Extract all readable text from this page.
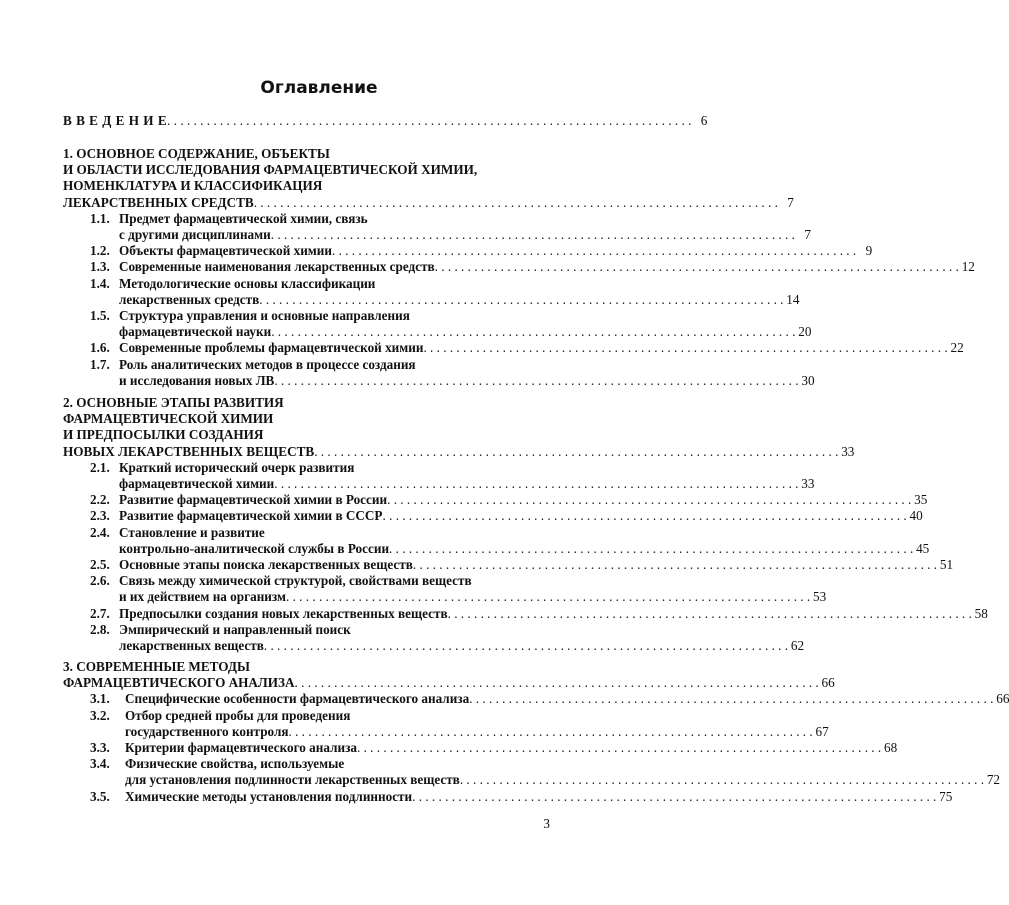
Оглавление
В В Е Д Е Н И Е . . . . . . . . . . . . . . . . . . . . . . . . . . . . . . . . . . . . . . . . . . . . . . . . . . . . . . . . . . . . . . . . . . . . . . . . . . . . . . . . 6
1. ОСНОВНОЕ СОДЕРЖАНИЕ, ОБЪЕКТЫ
И ОБЛАСТИ ИССЛЕДОВАНИЯ ФАРМАЦЕВТИЧЕСКОЙ ХИМИИ,
НОМЕНКЛАТУРА И КЛАССИФИКАЦИЯ
ЛЕКАРСТВЕННЫХ СРЕДСТВ . . . . . . . . . . . . . . . . . . . . . . . . . . . . . . . . . . . . . . . . . . . . . . . . . . . . . . . . . . . . . . . . . . . . . . . . . . . . . . . . 7
1.1. Предмет фармацевтической химии, связь
с другими дисциплинами . . . . . . . . . . . . . . . . . . . . . . . . . . . . . . . . . . . . . . . . . . . . . . . . . . . . . . . . . . . . . . . . . . . . . . . . . . . . . . . . 7
1.2. Объекты фармацевтической химии . . . . . . . . . . . . . . . . . . . . . . . . . . . . . . . . . . . . . . . . . . . . . . . . . . . . . . . . . . . . . . . . . . . . . . . . . . . . . . . . 9
1.3. Современные наименования лекарственных средств . . . . . . . . . . . . . . . . . . . . . . . . . . . . . . . . . . . . . . . . . . . . . . . . . . . . . . . . . . . . . . . . . . . . . . . . . . . . . . . . 12
1.4. Методологические основы классификации
лекарственных средств . . . . . . . . . . . . . . . . . . . . . . . . . . . . . . . . . . . . . . . . . . . . . . . . . . . . . . . . . . . . . . . . . . . . . . . . . . . . . . . . 14
1.5. Структура управления и основные направления
фармацевтической науки . . . . . . . . . . . . . . . . . . . . . . . . . . . . . . . . . . . . . . . . . . . . . . . . . . . . . . . . . . . . . . . . . . . . . . . . . . . . . . . . 20
1.6. Современные проблемы фармацевтической химии . . . . . . . . . . . . . . . . . . . . . . . . . . . . . . . . . . . . . . . . . . . . . . . . . . . . . . . . . . . . . . . . . . . . . . . . . . . . . . . . 22
1.7. Роль аналитических методов в процессе создания
и исследования новых ЛВ . . . . . . . . . . . . . . . . . . . . . . . . . . . . . . . . . . . . . . . . . . . . . . . . . . . . . . . . . . . . . . . . . . . . . . . . . . . . . . . . 30
2. ОСНОВНЫЕ ЭТАПЫ РАЗВИТИЯ
ФАРМАЦЕВТИЧЕСКОЙ ХИМИИ
И ПРЕДПОСЫЛКИ СОЗДАНИЯ
НОВЫХ ЛЕКАРСТВЕННЫХ ВЕЩЕСТВ . . . . . . . . . . . . . . . . . . . . . . . . . . . . . . . . . . . . . . . . . . . . . . . . . . . . . . . . . . . . . . . . . . . . . . . . . . . . . . . . 33
2.1. Краткий исторический очерк развития
фармацевтической химии . . . . . . . . . . . . . . . . . . . . . . . . . . . . . . . . . . . . . . . . . . . . . . . . . . . . . . . . . . . . . . . . . . . . . . . . . . . . . . . . 33
2.2. Развитие фармацевтической химии в России . . . . . . . . . . . . . . . . . . . . . . . . . . . . . . . . . . . . . . . . . . . . . . . . . . . . . . . . . . . . . . . . . . . . . . . . . . . . . . . . 35
2.3. Развитие фармацевтической химии в СССР . . . . . . . . . . . . . . . . . . . . . . . . . . . . . . . . . . . . . . . . . . . . . . . . . . . . . . . . . . . . . . . . . . . . . . . . . . . . . . . . 40
2.4. Становление и развитие
контрольно-аналитической службы в России . . . . . . . . . . . . . . . . . . . . . . . . . . . . . . . . . . . . . . . . . . . . . . . . . . . . . . . . . . . . . . . . . . . . . . . . . . . . . . . . 45
2.5. Основные этапы поиска лекарственных веществ . . . . . . . . . . . . . . . . . . . . . . . . . . . . . . . . . . . . . . . . . . . . . . . . . . . . . . . . . . . . . . . . . . . . . . . . . . . . . . . . 51
2.6. Связь между химической структурой, свойствами веществ
и их действием на организм . . . . . . . . . . . . . . . . . . . . . . . . . . . . . . . . . . . . . . . . . . . . . . . . . . . . . . . . . . . . . . . . . . . . . . . . . . . . . . . . 53
2.7. Предпосылки создания новых лекарственных веществ . . . . . . . . . . . . . . . . . . . . . . . . . . . . . . . . . . . . . . . . . . . . . . . . . . . . . . . . . . . . . . . . . . . . . . . . . . . . . . . . 58
2.8. Эмпирический и направленный поиск
лекарственных веществ . . . . . . . . . . . . . . . . . . . . . . . . . . . . . . . . . . . . . . . . . . . . . . . . . . . . . . . . . . . . . . . . . . . . . . . . . . . . . . . . 62
3. СОВРЕМЕННЫЕ МЕТОДЫ
ФАРМАЦЕВТИЧЕСКОГО АНАЛИЗА . . . . . . . . . . . . . . . . . . . . . . . . . . . . . . . . . . . . . . . . . . . . . . . . . . . . . . . . . . . . . . . . . . . . . . . . . . . . . . . . 66
3.1.	Специфические особенности фармацевтического анализа . . . . . . . . . . . . . . . . . . . . . . . . . . . . . . . . . . . . . . . . . . . . . . . . . . . . . . . . . . . . . . . . . . . . . . . . . . . . . . . . 66
3.2.	Отбор средней пробы для проведения
государственного контроля . . . . . . . . . . . . . . . . . . . . . . . . . . . . . . . . . . . . . . . . . . . . . . . . . . . . . . . . . . . . . . . . . . . . . . . . . . . . . . . . 67
3.3.	Критерии фармацевтического анализа . . . . . . . . . . . . . . . . . . . . . . . . . . . . . . . . . . . . . . . . . . . . . . . . . . . . . . . . . . . . . . . . . . . . . . . . . . . . . . . . 68
3.4.	Физические свойства, используемые
для установления подлинности лекарственных веществ . . . . . . . . . . . . . . . . . . . . . . . . . . . . . . . . . . . . . . . . . . . . . . . . . . . . . . . . . . . . . . . . . . . . . . . . . . . . . . . . 72
3.5.	Химические методы установления подлинности . . . . . . . . . . . . . . . . . . . . . . . . . . . . . . . . . . . . . . . . . . . . . . . . . . . . . . . . . . . . . . . . . . . . . . . . . . . . . . . . 75
3
